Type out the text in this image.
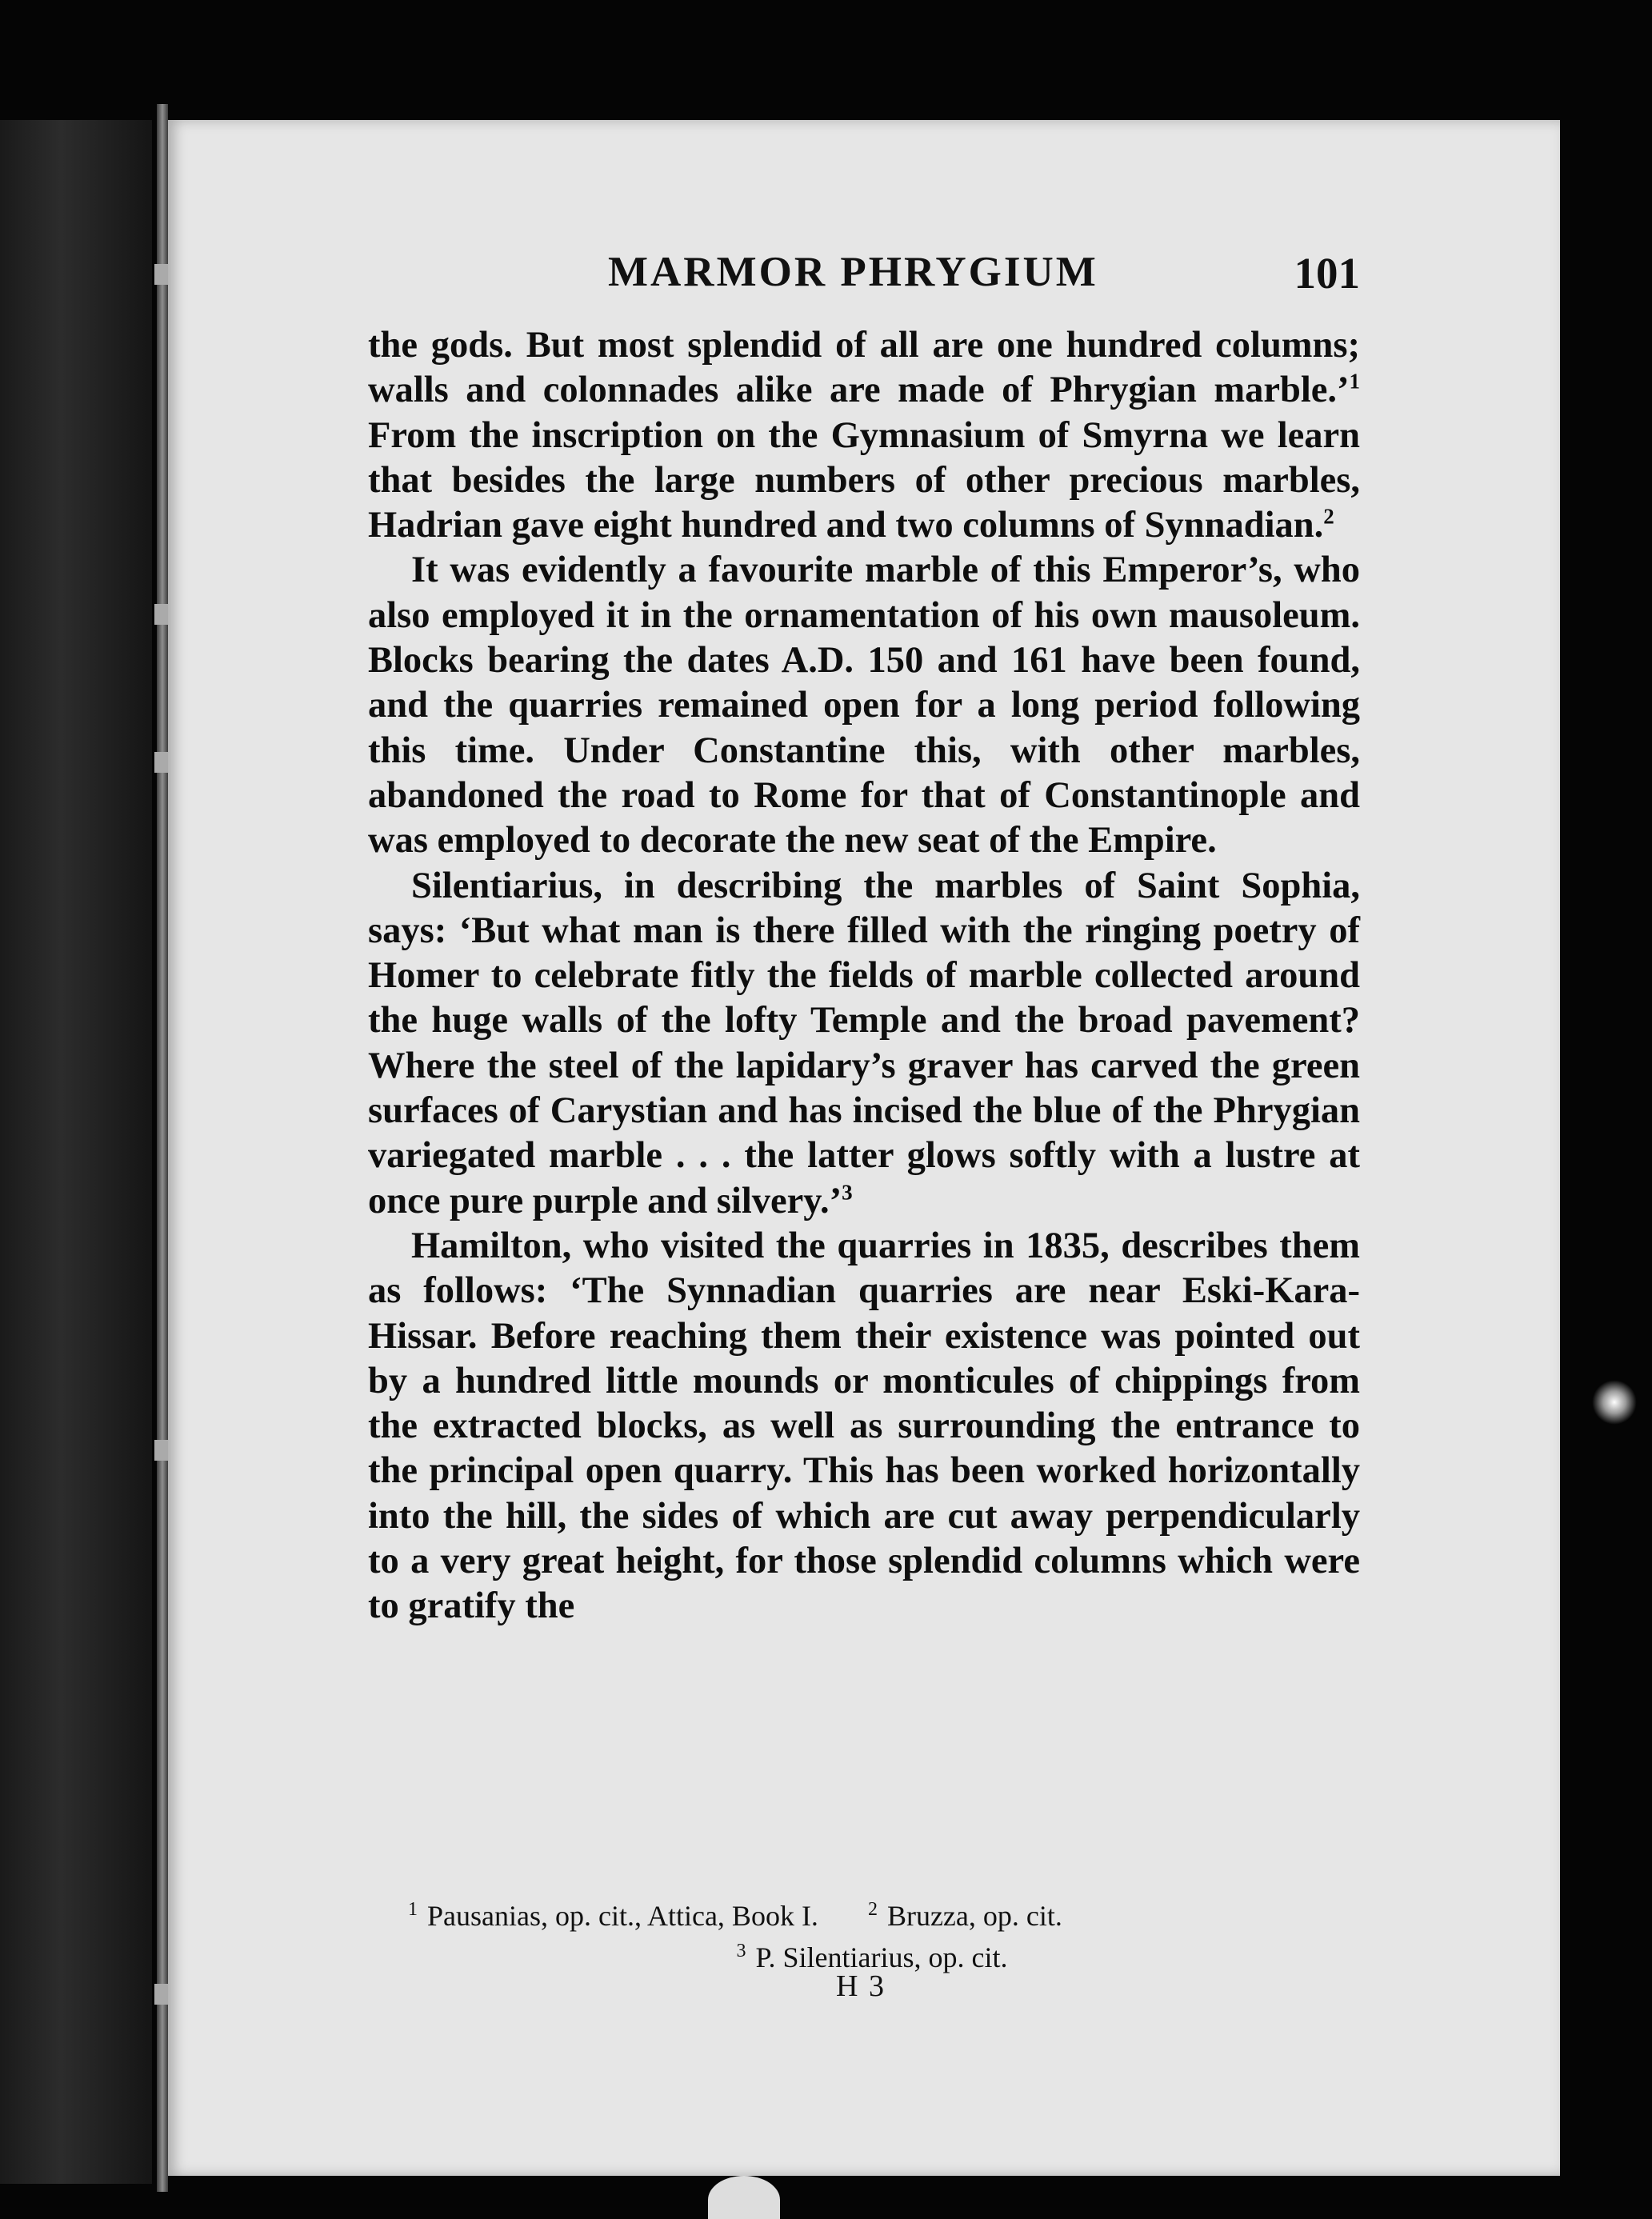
MARMOR PHRYGIUM	101

the gods. But most splendid of all are one hundred columns; walls and colonnades alike are made of Phrygian marble.’$^1$ From the inscription on the Gymnasium of Smyrna we learn that besides the large numbers of other precious marbles, Hadrian gave eight hundred and two columns of Synnadian.$^2$

It was evidently a favourite marble of this Emperor’s, who also employed it in the ornamentation of his own mausoleum. Blocks bearing the dates A.D. 150 and 161 have been found, and the quarries remained open for a long period following this time. Under Constantine this, with other marbles, abandoned the road to Rome for that of Constantinople and was employed to decorate the new seat of the Empire.

Silentiarius, in describing the marbles of Saint Sophia, says: ‘But what man is there filled with the ringing poetry of Homer to celebrate fitly the fields of marble collected around the huge walls of the lofty Temple and the broad pavement? Where the steel of the lapidary’s graver has carved the green surfaces of Carystian and has incised the blue of the Phrygian variegated marble . . . the latter glows softly with a lustre at once pure purple and silvery.’$^3$

Hamilton, who visited the quarries in 1835, describes them as follows: ‘The Synnadian quarries are near Eski-Kara-Hissar. Before reaching them their existence was pointed out by a hundred little mounds or monticules of chippings from the extracted blocks, as well as surrounding the entrance to the principal open quarry. This has been worked horizontally into the hill, the sides of which are cut away perpendicularly to a very great height, for those splendid columns which were to gratify the

$^1$ Pausanias, op. cit., Attica, Book I.	$^2$ Bruzza, op. cit.
$^3$ P. Silentiarius, op. cit.
H 3
